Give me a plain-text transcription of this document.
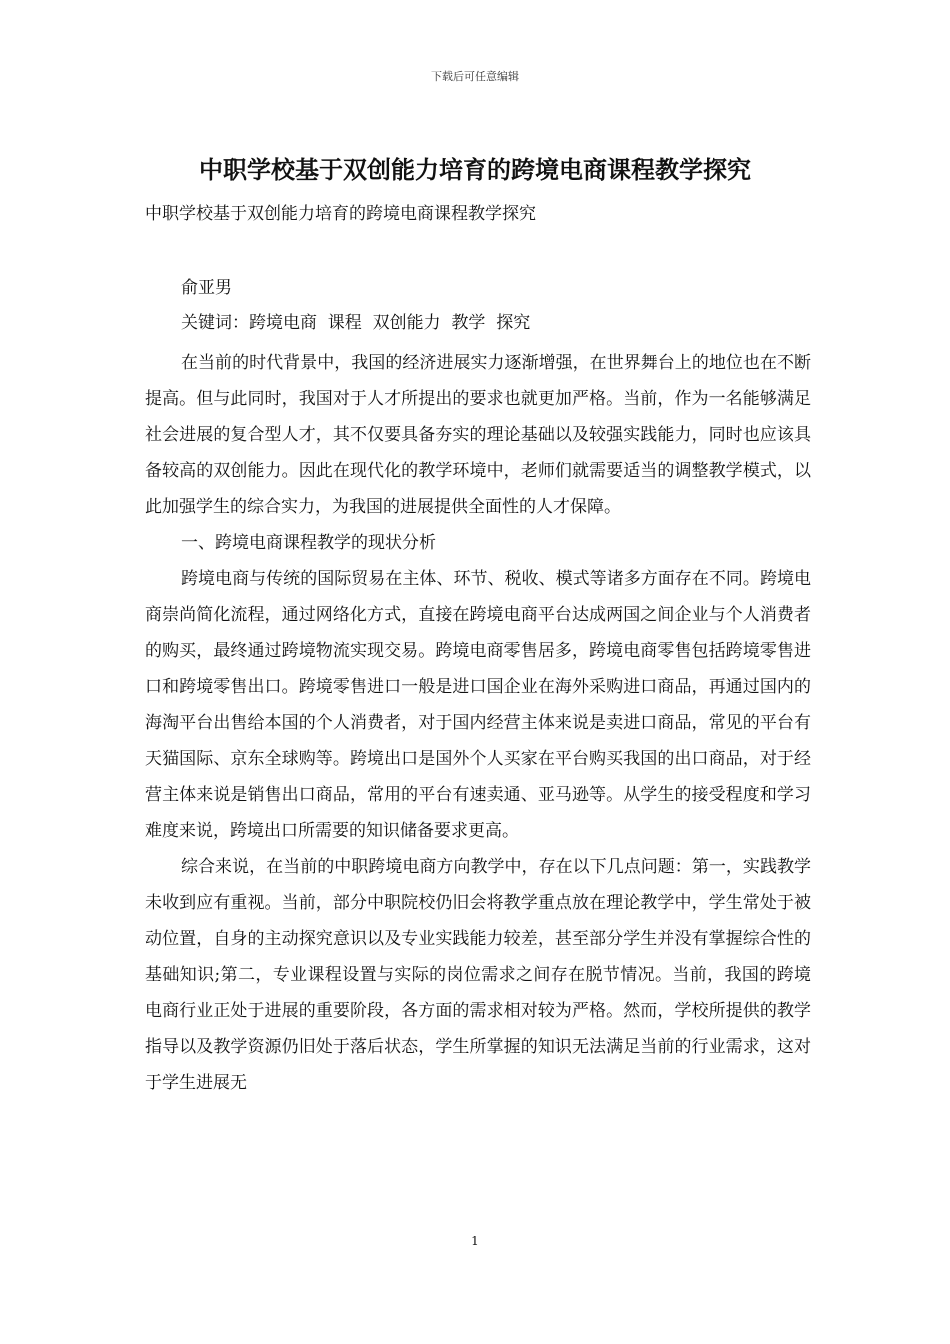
下载后可任意编辑
中职学校基于双创能力培育的跨境电商课程教学探究
中职学校基于双创能力培育的跨境电商课程教学探究
俞亚男
关键词：跨境电商  课程  双创能力  教学  探究

在当前的时代背景中，我国的经济进展实力逐渐增强，在世界舞台上的地位也在不断提高。但与此同时，我国对于人才所提出的要求也就更加严格。当前，作为一名能够满足社会进展的复合型人才，其不仅要具备夯实的理论基础以及较强实践能力，同时也应该具备较高的双创能力。因此在现代化的教学环境中，老师们就需要适当的调整教学模式，以此加强学生的综合实力，为我国的进展提供全面性的人才保障。

一、跨境电商课程教学的现状分析

跨境电商与传统的国际贸易在主体、环节、税收、模式等诸多方面存在不同。跨境电商崇尚简化流程，通过网络化方式，直接在跨境电商平台达成两国之间企业与个人消费者的购买，最终通过跨境物流实现交易。跨境电商零售居多，跨境电商零售包括跨境零售进口和跨境零售出口。跨境零售进口一般是进口国企业在海外采购进口商品，再通过国内的海淘平台出售给本国的个人消费者，对于国内经营主体来说是卖进口商品，常见的平台有天猫国际、京东全球购等。跨境出口是国外个人买家在平台购买我国的出口商品，对于经营主体来说是销售出口商品，常用的平台有速卖通、亚马逊等。从学生的接受程度和学习难度来说，跨境出口所需要的知识储备要求更高。

综合来说，在当前的中职跨境电商方向教学中，存在以下几点问题：第一，实践教学未收到应有重视。当前，部分中职院校仍旧会将教学重点放在理论教学中，学生常处于被动位置，自身的主动探究意识以及专业实践能力较差，甚至部分学生并没有掌握综合性的基础知识;第二，专业课程设置与实际的岗位需求之间存在脱节情况。当前，我国的跨境电商行业正处于进展的重要阶段，各方面的需求相对较为严格。然而，学校所提供的教学指导以及教学资源仍旧处于落后状态，学生所掌握的知识无法满足当前的行业需求，这对于学生进展无

1
